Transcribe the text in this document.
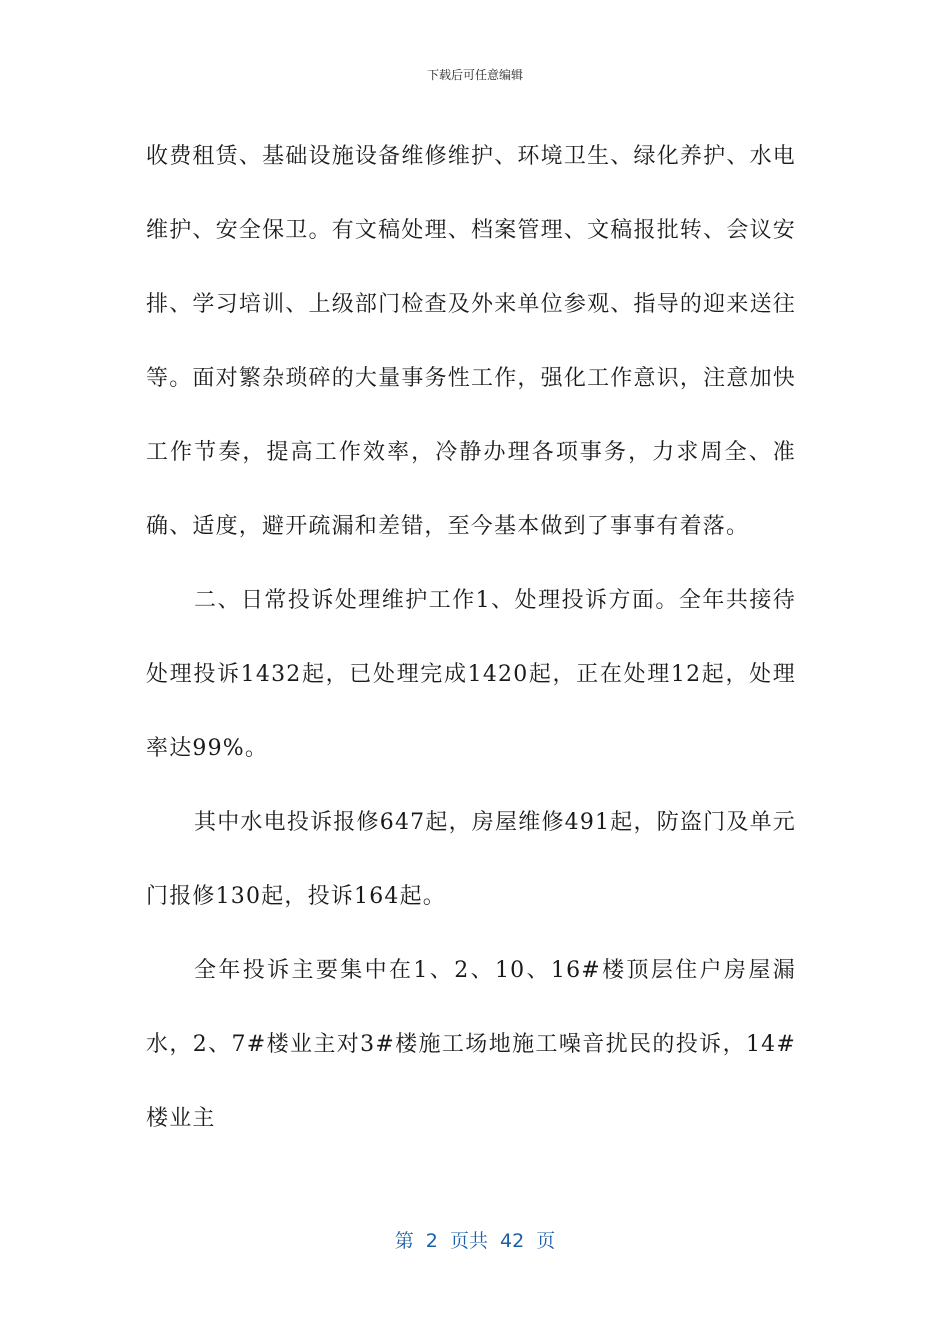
下载后可任意编辑

收费租赁、基础设施设备维修维护、环境卫生、绿化养护、水电维护、安全保卫。有文稿处理、档案管理、文稿报批转、会议安排、学习培训、上级部门检查及外来单位参观、指导的迎来送往等。面对繁杂琐碎的大量事务性工作，强化工作意识，注意加快工作节奏，提高工作效率，冷静办理各项事务，力求周全、准确、适度，避开疏漏和差错，至今基本做到了事事有着落。

二、日常投诉处理维护工作1、处理投诉方面。全年共接待处理投诉1432起，已处理完成1420起，正在处理12起，处理率达99%。

其中水电投诉报修647起，房屋维修491起，防盗门及单元门报修130起，投诉164起。

全年投诉主要集中在1、2、10、16#楼顶层住户房屋漏水，2、7#楼业主对3#楼施工场地施工噪音扰民的投诉，14#楼业主

第  2  页共  42  页
